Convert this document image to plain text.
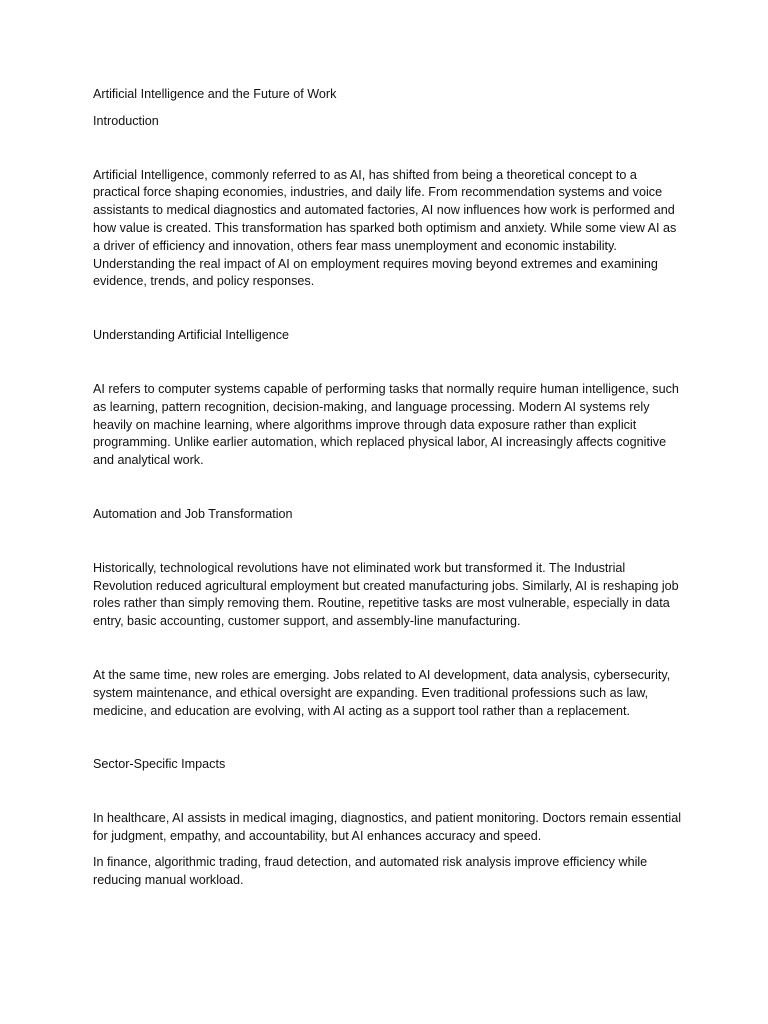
Artificial Intelligence and the Future of Work

Introduction

Artificial Intelligence, commonly referred to as AI, has shifted from being a theoretical concept to a practical force shaping economies, industries, and daily life. From recommendation systems and voice assistants to medical diagnostics and automated factories, AI now influences how work is performed and how value is created. This transformation has sparked both optimism and anxiety. While some view AI as a driver of efficiency and innovation, others fear mass unemployment and economic instability. Understanding the real impact of AI on employment requires moving beyond extremes and examining evidence, trends, and policy responses.

Understanding Artificial Intelligence

AI refers to computer systems capable of performing tasks that normally require human intelligence, such as learning, pattern recognition, decision-making, and language processing. Modern AI systems rely heavily on machine learning, where algorithms improve through data exposure rather than explicit programming. Unlike earlier automation, which replaced physical labor, AI increasingly affects cognitive and analytical work.

Automation and Job Transformation

Historically, technological revolutions have not eliminated work but transformed it. The Industrial Revolution reduced agricultural employment but created manufacturing jobs. Similarly, AI is reshaping job roles rather than simply removing them. Routine, repetitive tasks are most vulnerable, especially in data entry, basic accounting, customer support, and assembly-line manufacturing.

At the same time, new roles are emerging. Jobs related to AI development, data analysis, cybersecurity, system maintenance, and ethical oversight are expanding. Even traditional professions such as law, medicine, and education are evolving, with AI acting as a support tool rather than a replacement.

Sector-Specific Impacts

In healthcare, AI assists in medical imaging, diagnostics, and patient monitoring. Doctors remain essential for judgment, empathy, and accountability, but AI enhances accuracy and speed.

In finance, algorithmic trading, fraud detection, and automated risk analysis improve efficiency while reducing manual workload.
